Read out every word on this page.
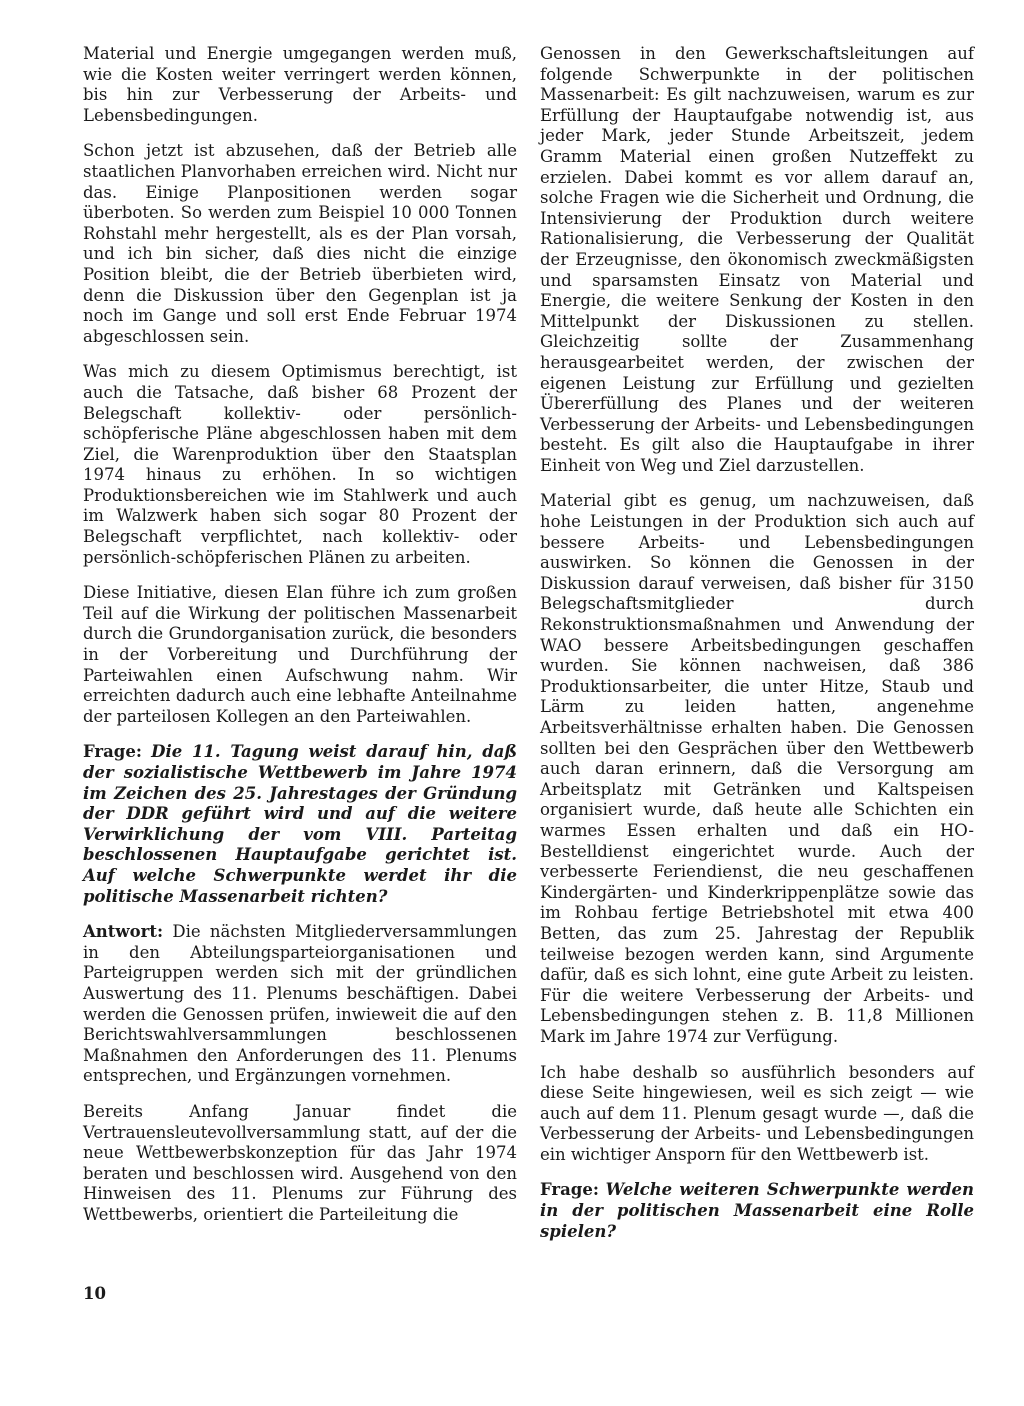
Material und Energie umgegangen werden muß, wie die Kosten weiter verringert werden können, bis hin zur Verbesserung der Arbeits- und Lebensbedingungen.

Schon jetzt ist abzusehen, daß der Betrieb alle staatlichen Planvorhaben erreichen wird. Nicht nur das. Einige Planpositionen werden sogar überboten. So werden zum Beispiel 10 000 Tonnen Rohstahl mehr hergestellt, als es der Plan vorsah, und ich bin sicher, daß dies nicht die einzige Position bleibt, die der Betrieb überbieten wird, denn die Diskussion über den Gegenplan ist ja noch im Gange und soll erst Ende Februar 1974 abgeschlossen sein.

Was mich zu diesem Optimismus berechtigt, ist auch die Tatsache, daß bisher 68 Prozent der Belegschaft kollektiv- oder persönlich-schöpferische Pläne abgeschlossen haben mit dem Ziel, die Warenproduktion über den Staatsplan 1974 hinaus zu erhöhen. In so wichtigen Produktionsbereichen wie im Stahlwerk und auch im Walzwerk haben sich sogar 80 Prozent der Belegschaft verpflichtet, nach kollektiv- oder persönlich-schöpferischen Plänen zu arbeiten.

Diese Initiative, diesen Elan führe ich zum großen Teil auf die Wirkung der politischen Massenarbeit durch die Grundorganisation zurück, die besonders in der Vorbereitung und Durchführung der Parteiwahlen einen Aufschwung nahm. Wir erreichten dadurch auch eine lebhafte Anteilnahme der parteilosen Kollegen an den Parteiwahlen.

Frage: Die 11. Tagung weist darauf hin, daß der sozialistische Wettbewerb im Jahre 1974 im Zeichen des 25. Jahrestages der Gründung der DDR geführt wird und auf die weitere Verwirklichung der vom VIII. Parteitag beschlossenen Hauptaufgabe gerichtet ist. Auf welche Schwerpunkte werdet ihr die politische Massenarbeit richten?

Antwort: Die nächsten Mitgliederversammlungen in den Abteilungsparteiorganisationen und Parteigruppen werden sich mit der gründlichen Auswertung des 11. Plenums beschäftigen. Dabei werden die Genossen prüfen, inwieweit die auf den Berichtswahlversammlungen beschlossenen Maßnahmen den Anforderungen des 11. Plenums entsprechen, und Ergänzungen vornehmen.

Bereits Anfang Januar findet die Vertrauensleutevollversammlung statt, auf der die neue Wettbewerbskonzeption für das Jahr 1974 beraten und beschlossen wird. Ausgehend von den Hinweisen des 11. Plenums zur Führung des Wettbewerbs, orientiert die Parteileitung die

Genossen in den Gewerkschaftsleitungen auf folgende Schwerpunkte in der politischen Massenarbeit: Es gilt nachzuweisen, warum es zur Erfüllung der Hauptaufgabe notwendig ist, aus jeder Mark, jeder Stunde Arbeitszeit, jedem Gramm Material einen großen Nutzeffekt zu erzielen. Dabei kommt es vor allem darauf an, solche Fragen wie die Sicherheit und Ordnung, die Intensivierung der Produktion durch weitere Rationalisierung, die Verbesserung der Qualität der Erzeugnisse, den ökonomisch zweckmäßigsten und sparsamsten Einsatz von Material und Energie, die weitere Senkung der Kosten in den Mittelpunkt der Diskussionen zu stellen. Gleichzeitig sollte der Zusammenhang herausgearbeitet werden, der zwischen der eigenen Leistung zur Erfüllung und gezielten Übererfüllung des Planes und der weiteren Verbesserung der Arbeits- und Lebensbedingungen besteht. Es gilt also die Hauptaufgabe in ihrer Einheit von Weg und Ziel darzustellen.

Material gibt es genug, um nachzuweisen, daß hohe Leistungen in der Produktion sich auch auf bessere Arbeits- und Lebensbedingungen auswirken. So können die Genossen in der Diskussion darauf verweisen, daß bisher für 3150 Belegschaftsmitglieder durch Rekonstruktionsmaßnahmen und Anwendung der WAO bessere Arbeitsbedingungen geschaffen wurden. Sie können nachweisen, daß 386 Produktionsarbeiter, die unter Hitze, Staub und Lärm zu leiden hatten, angenehme Arbeitsverhältnisse erhalten haben. Die Genossen sollten bei den Gesprächen über den Wettbewerb auch daran erinnern, daß die Versorgung am Arbeitsplatz mit Getränken und Kaltspeisen organisiert wurde, daß heute alle Schichten ein warmes Essen erhalten und daß ein HO-Bestelldienst eingerichtet wurde. Auch der verbesserte Feriendienst, die neu geschaffenen Kindergärten- und Kinderkrippenplätze sowie das im Rohbau fertige Betriebshotel mit etwa 400 Betten, das zum 25. Jahrestag der Republik teilweise bezogen werden kann, sind Argumente dafür, daß es sich lohnt, eine gute Arbeit zu leisten. Für die weitere Verbesserung der Arbeits- und Lebensbedingungen stehen z. B. 11,8 Millionen Mark im Jahre 1974 zur Verfügung.

Ich habe deshalb so ausführlich besonders auf diese Seite hingewiesen, weil es sich zeigt — wie auch auf dem 11. Plenum gesagt wurde —, daß die Verbesserung der Arbeits- und Lebensbedingungen ein wichtiger Ansporn für den Wettbewerb ist.

Frage: Welche weiteren Schwerpunkte werden in der politischen Massenarbeit eine Rolle spielen?

10
